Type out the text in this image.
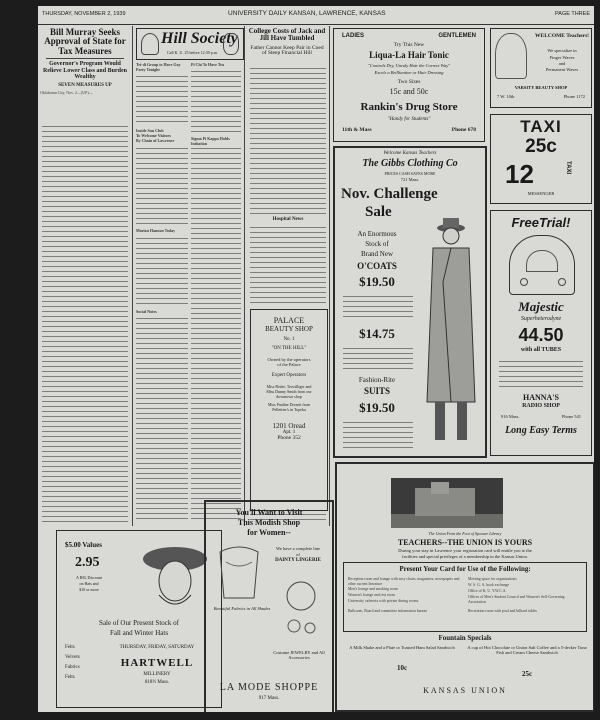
THURSDAY, NOVEMBER 2, 1939	UNIVERSITY DAILY KANSAN, LAWRENCE, KANSAS	PAGE THREE
Bill Murray Seeks Approval of State for Tax Measures
Governor's Program Would Relieve Lower Class and Burden Wealthy
SEVEN MEASURES UP
Oklahoma City, Nov. 2—(UP)—
Hill Society
Call K. U. 25 before 12:30 p.m.
Tri-di Group to Have Gay Party Tonight
Inside Sun Club
To Welcome Visitors
By Chain of Lawrence
Marion Hannon Today
Social Notes
Pi Chi To Have Tea
Sigma Pi Kappa Holds Initiation
College Costs of Jack and Jill Have Tumbled
Father Cannot Keep Pair in Coed of Steep Financial Hill
Hospital News
PALACE
BEAUTY SHOP
No. 1
"ON THE HILL"
Owned by the operators
of the Palace
Expert Operators
Miss Bettie, Terwilliger and
Miss Dunny Smith from our
downtown shop
Miss Pauline Dorsett from
Pellettier's in Topeka
1201 Oread
Apt. 1
Phone 352
LADIES	GENTLEMEN
Try This New
Liqua-La Hair Tonic
"Controls Dry, Unruly Hair the Correct Way"
Excels a Brilliantine or Hair Dressing
Two Sizes
15c and 50c
Rankin's Drug Store
"Handy for Students"
11th & Mass	Phone 678
WELCOME Teachers!
We specialize in
Finger Waves
and
Permanent Waves
VARSITY BEAUTY SHOP
7 W. 10th	Phone 1172
TAXI
25c
12	TAXI
MESSENGER
FreeTrial!
Majestic
Superheterodyne
44.50
with all TUBES
HANNA'S
RADIO SHOP
916 Mass.	Phone 541
Long Easy Terms
Welcome Kansas Teachers
The Gibbs Clothing Co
PRICES CASH SAVES MORE
721 Mass.
Nov. Challenge
Sale
An Enormous
Stock of
Brand New
O'COATS
$19.50
$14.75
Fashion-Rite
SUITS
$19.50
$5.00 Values
2.95
A BIG Discount
on Hats and
$10 or more
Sale of Our Present Stock of
Fall and Winter Hats
Felts
Velvets
Fabrics
Felts
THURSDAY, FRIDAY, SATURDAY
HARTWELL
MILLINERY
818½ Mass.
You'll Want to Visit
This Modish Shop
for Women--
We have a complete line
of
DAINTY LINGERIE
Beautiful Fabrics in All Shades
Costume JEWELRY and All Accessories
LA MODE SHOPPE
917 Mass.
The Union From the Foot of Spooner Library
TEACHERS--THE UNION IS YOURS
During your stay in Lawrence your registration card will entitle you to the
facilities and special privileges of a membership in the Kansas Union.
Present Your Card for Use of the Following:
Reception room and lounge with easy chairs, magazines, newspapers and other current literature
Men's lounge and smoking room
Women's lounge and rest room
University cafeteria with private dining rooms
Ballroom, Board and committee information bureau
Meeting space for organizations
W. S. G. A. book exchange
Office of K. U. Y.W.C.A.
Offices of Men's Student Council and Women's Self-Governing Association
Recreation room with pool and billiard tables
Fountain Specials
A Milk Shake and a Plate or Toasted Ham Salad Sandwich
10c
A cup of Hot Chocolate or Union Salt Coffee and a 5-decker Tuna Fish and Cream Cheese Sandwich
25c
KANSAS UNION
